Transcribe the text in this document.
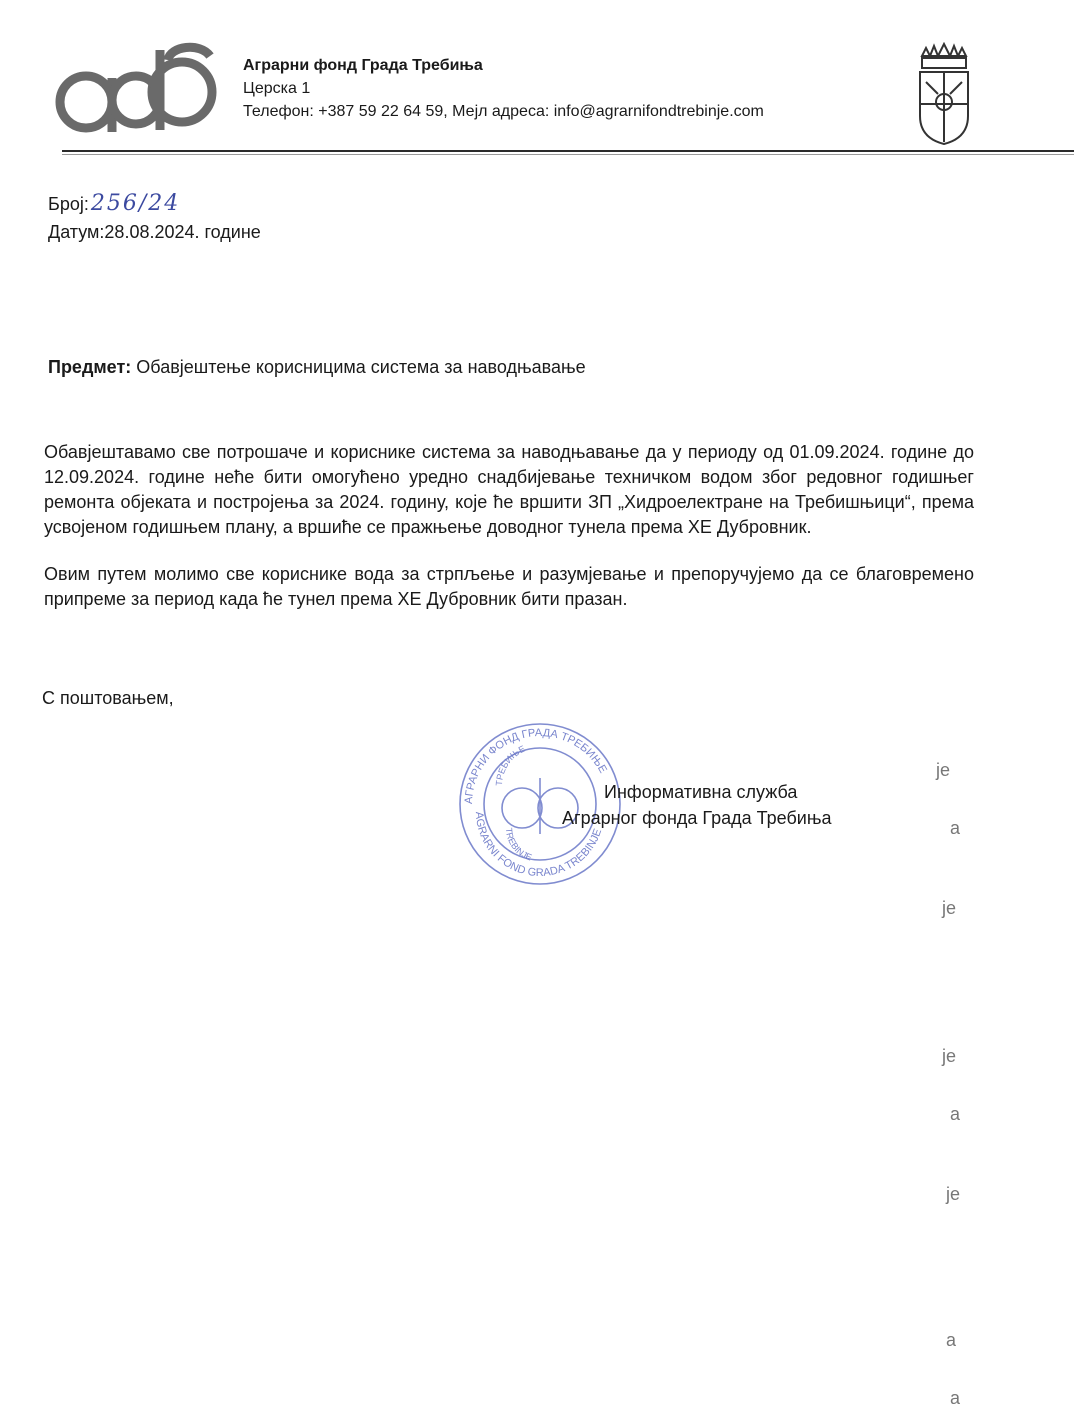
Аграрни фонд Града Требиња
Церска 1
Телефон: +387 59 22 64 59, Мејл адреса: info@agrarnifondtrebinje.com
Број:256/24
Датум:28.08.2024. године
Предмет: Обавјештење корисницима система за наводњавање

Обавјештавамо све потрошаче и кориснике система за наводњавање да у периоду од 01.09.2024. године до 12.09.2024. године неће бити омогућено уредно снадбијевање техничком водом због редовног годишњег ремонта објеката и постројења за 2024. годину, које ће вршити ЗП „Хидроелектране на Требишњици“, према усвојеном годишњем плану, а вршиће се пражњење доводног тунела према ХЕ Дубровник.

Овим путем молимо све кориснике вода за стрпљење и разумјевање и препоручујемо да се благовремено припреме за период када ће тунел према ХЕ Дубровник бити празан.

С поштовањем,
АГРАРНИ ФОНД ГРАДА ТРЕБИЊЕ
AGRARNI FOND GRADA TREBINJE
ТРЕБИЊЕ
TREBINJE
Информативна служба
Аграрног фонда Града Требиња
је
а
је
је
а
је
а
а
